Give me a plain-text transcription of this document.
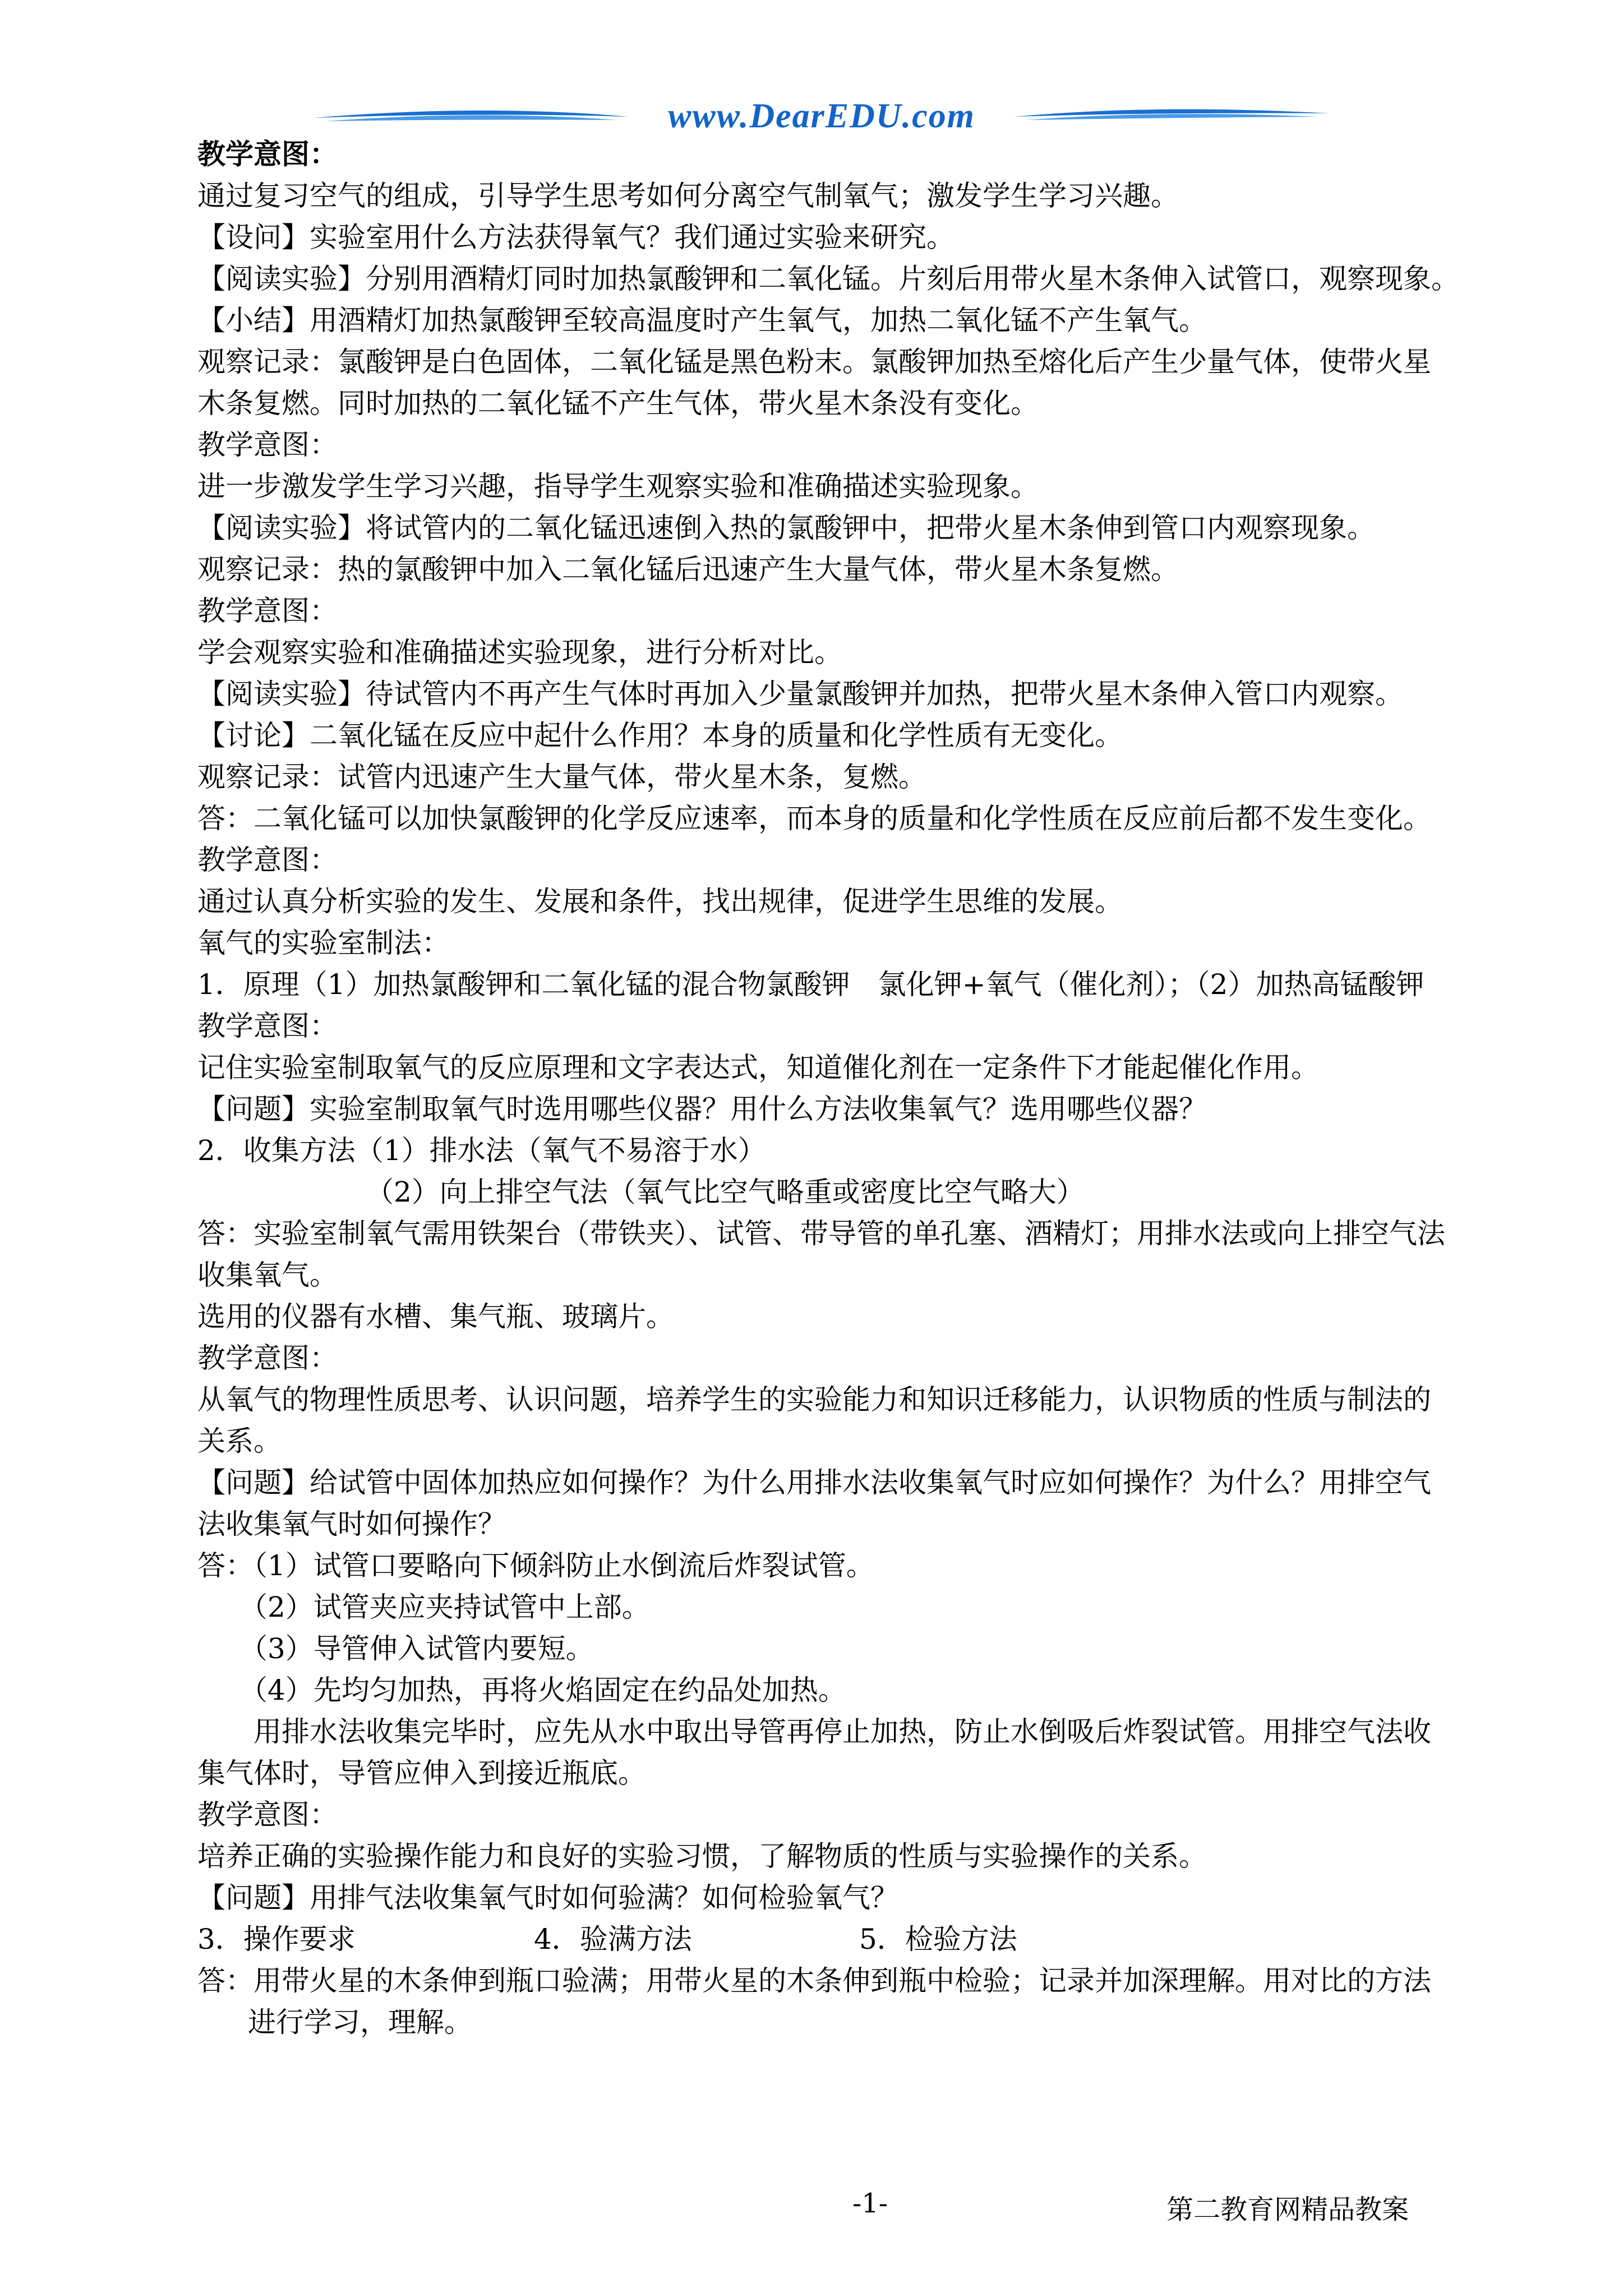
www.DearEDU.com
教学意图：
通过复习空气的组成，引导学生思考如何分离空气制氧气；激发学生学习兴趣。
【设问】实验室用什么方法获得氧气？我们通过实验来研究。
【阅读实验】分别用酒精灯同时加热氯酸钾和二氧化锰。片刻后用带火星木条伸入试管口，观察现象。
【小结】用酒精灯加热氯酸钾至较高温度时产生氧气，加热二氧化锰不产生氧气。
观察记录：氯酸钾是白色固体，二氧化锰是黑色粉末。氯酸钾加热至熔化后产生少量气体，使带火星木条复燃。同时加热的二氧化锰不产生气体，带火星木条没有变化。
教学意图：
进一步激发学生学习兴趣，指导学生观察实验和准确描述实验现象。
【阅读实验】将试管内的二氧化锰迅速倒入热的氯酸钾中，把带火星木条伸到管口内观察现象。
观察记录：热的氯酸钾中加入二氧化锰后迅速产生大量气体，带火星木条复燃。
教学意图：
学会观察实验和准确描述实验现象，进行分析对比。
【阅读实验】待试管内不再产生气体时再加入少量氯酸钾并加热，把带火星木条伸入管口内观察。
【讨论】二氧化锰在反应中起什么作用？本身的质量和化学性质有无变化。
观察记录：试管内迅速产生大量气体，带火星木条，复燃。
答：二氧化锰可以加快氯酸钾的化学反应速率，而本身的质量和化学性质在反应前后都不发生变化。
教学意图：
通过认真分析实验的发生、发展和条件，找出规律，促进学生思维的发展。
氧气的实验室制法：
1．原理（1）加热氯酸钾和二氧化锰的混合物氯酸钾　氯化钾+氧气（催化剂）；（2）加热高锰酸钾
教学意图：
记住实验室制取氧气的反应原理和文字表达式，知道催化剂在一定条件下才能起催化作用。
【问题】实验室制取氧气时选用哪些仪器？用什么方法收集氧气？选用哪些仪器？
2．收集方法（1）排水法（氧气不易溶于水）
（2）向上排空气法（氧气比空气略重或密度比空气略大）
答：实验室制氧气需用铁架台（带铁夹）、试管、带导管的单孔塞、酒精灯；用排水法或向上排空气法收集氧气。
选用的仪器有水槽、集气瓶、玻璃片。
教学意图：
从氧气的物理性质思考、认识问题，培养学生的实验能力和知识迁移能力，认识物质的性质与制法的关系。
【问题】给试管中固体加热应如何操作？为什么用排水法收集氧气时应如何操作？为什么？用排空气法收集氧气时如何操作？
答：（1）试管口要略向下倾斜防止水倒流后炸裂试管。
（2）试管夹应夹持试管中上部。
（3）导管伸入试管内要短。
（4）先均匀加热，再将火焰固定在约品处加热。
用排水法收集完毕时，应先从水中取出导管再停止加热，防止水倒吸后炸裂试管。用排空气法收集气体时，导管应伸入到接近瓶底。
教学意图：
培养正确的实验操作能力和良好的实验习惯，了解物质的性质与实验操作的关系。
【问题】用排气法收集氧气时如何验满？如何检验氧气？
3．操作要求	4．验满方法	5．检验方法
答：用带火星的木条伸到瓶口验满；用带火星的木条伸到瓶中检验；记录并加深理解。用对比的方法进行学习，理解。
-1-	第二教育网精品教案
